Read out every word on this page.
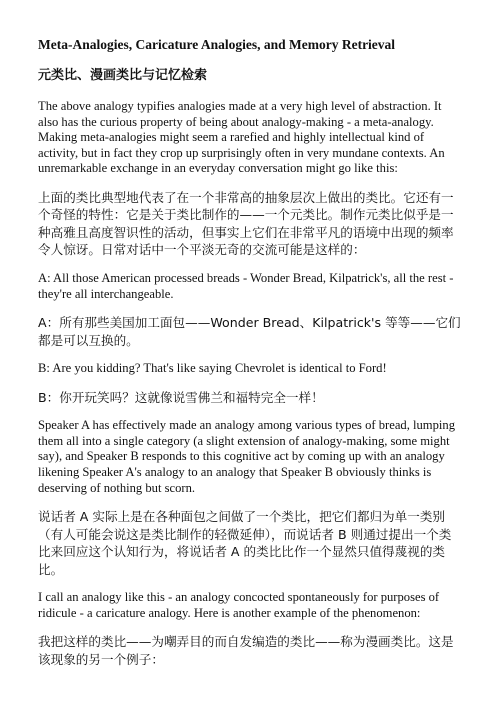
Meta-Analogies, Caricature Analogies, and Memory Retrieval
元类比、漫画类比与记忆检索

The above analogy typifies analogies made at a very high level of abstraction. It also has the curious property of being about analogy-making - a meta-analogy. Making meta-analogies might seem a rarefied and highly intellectual kind of activity, but in fact they crop up surprisingly often in very mundane contexts. An unremarkable exchange in an everyday conversation might go like this:

上面的类比典型地代表了在一个非常高的抽象层次上做出的类比。它还有一个奇怪的特性：它是关于类比制作的——一个元类比。制作元类比似乎是一种高雅且高度智识性的活动，但事实上它们在非常平凡的语境中出现的频率令人惊讶。日常对话中一个平淡无奇的交流可能是这样的：

A: All those American processed breads - Wonder Bread, Kilpatrick's, all the rest - they're all interchangeable.

A：所有那些美国加工面包——Wonder Bread、Kilpatrick's 等等——它们都是可以互换的。

B: Are you kidding? That's like saying Chevrolet is identical to Ford!

B：你开玩笑吗？这就像说雪佛兰和福特完全一样！

Speaker A has effectively made an analogy among various types of bread, lumping them all into a single category (a slight extension of analogy-making, some might say), and Speaker B responds to this cognitive act by coming up with an analogy likening Speaker A's analogy to an analogy that Speaker B obviously thinks is deserving of nothing but scorn.

说话者 A 实际上是在各种面包之间做了一个类比，把它们都归为单一类别（有人可能会说这是类比制作的轻微延伸），而说话者 B 则通过提出一个类比来回应这个认知行为，将说话者 A 的类比比作一个显然只值得蔑视的类比。

I call an analogy like this - an analogy concocted spontaneously for purposes of ridicule - a caricature analogy. Here is another example of the phenomenon:

我把这样的类比——为嘲弄目的而自发编造的类比——称为漫画类比。这是该现象的另一个例子：
